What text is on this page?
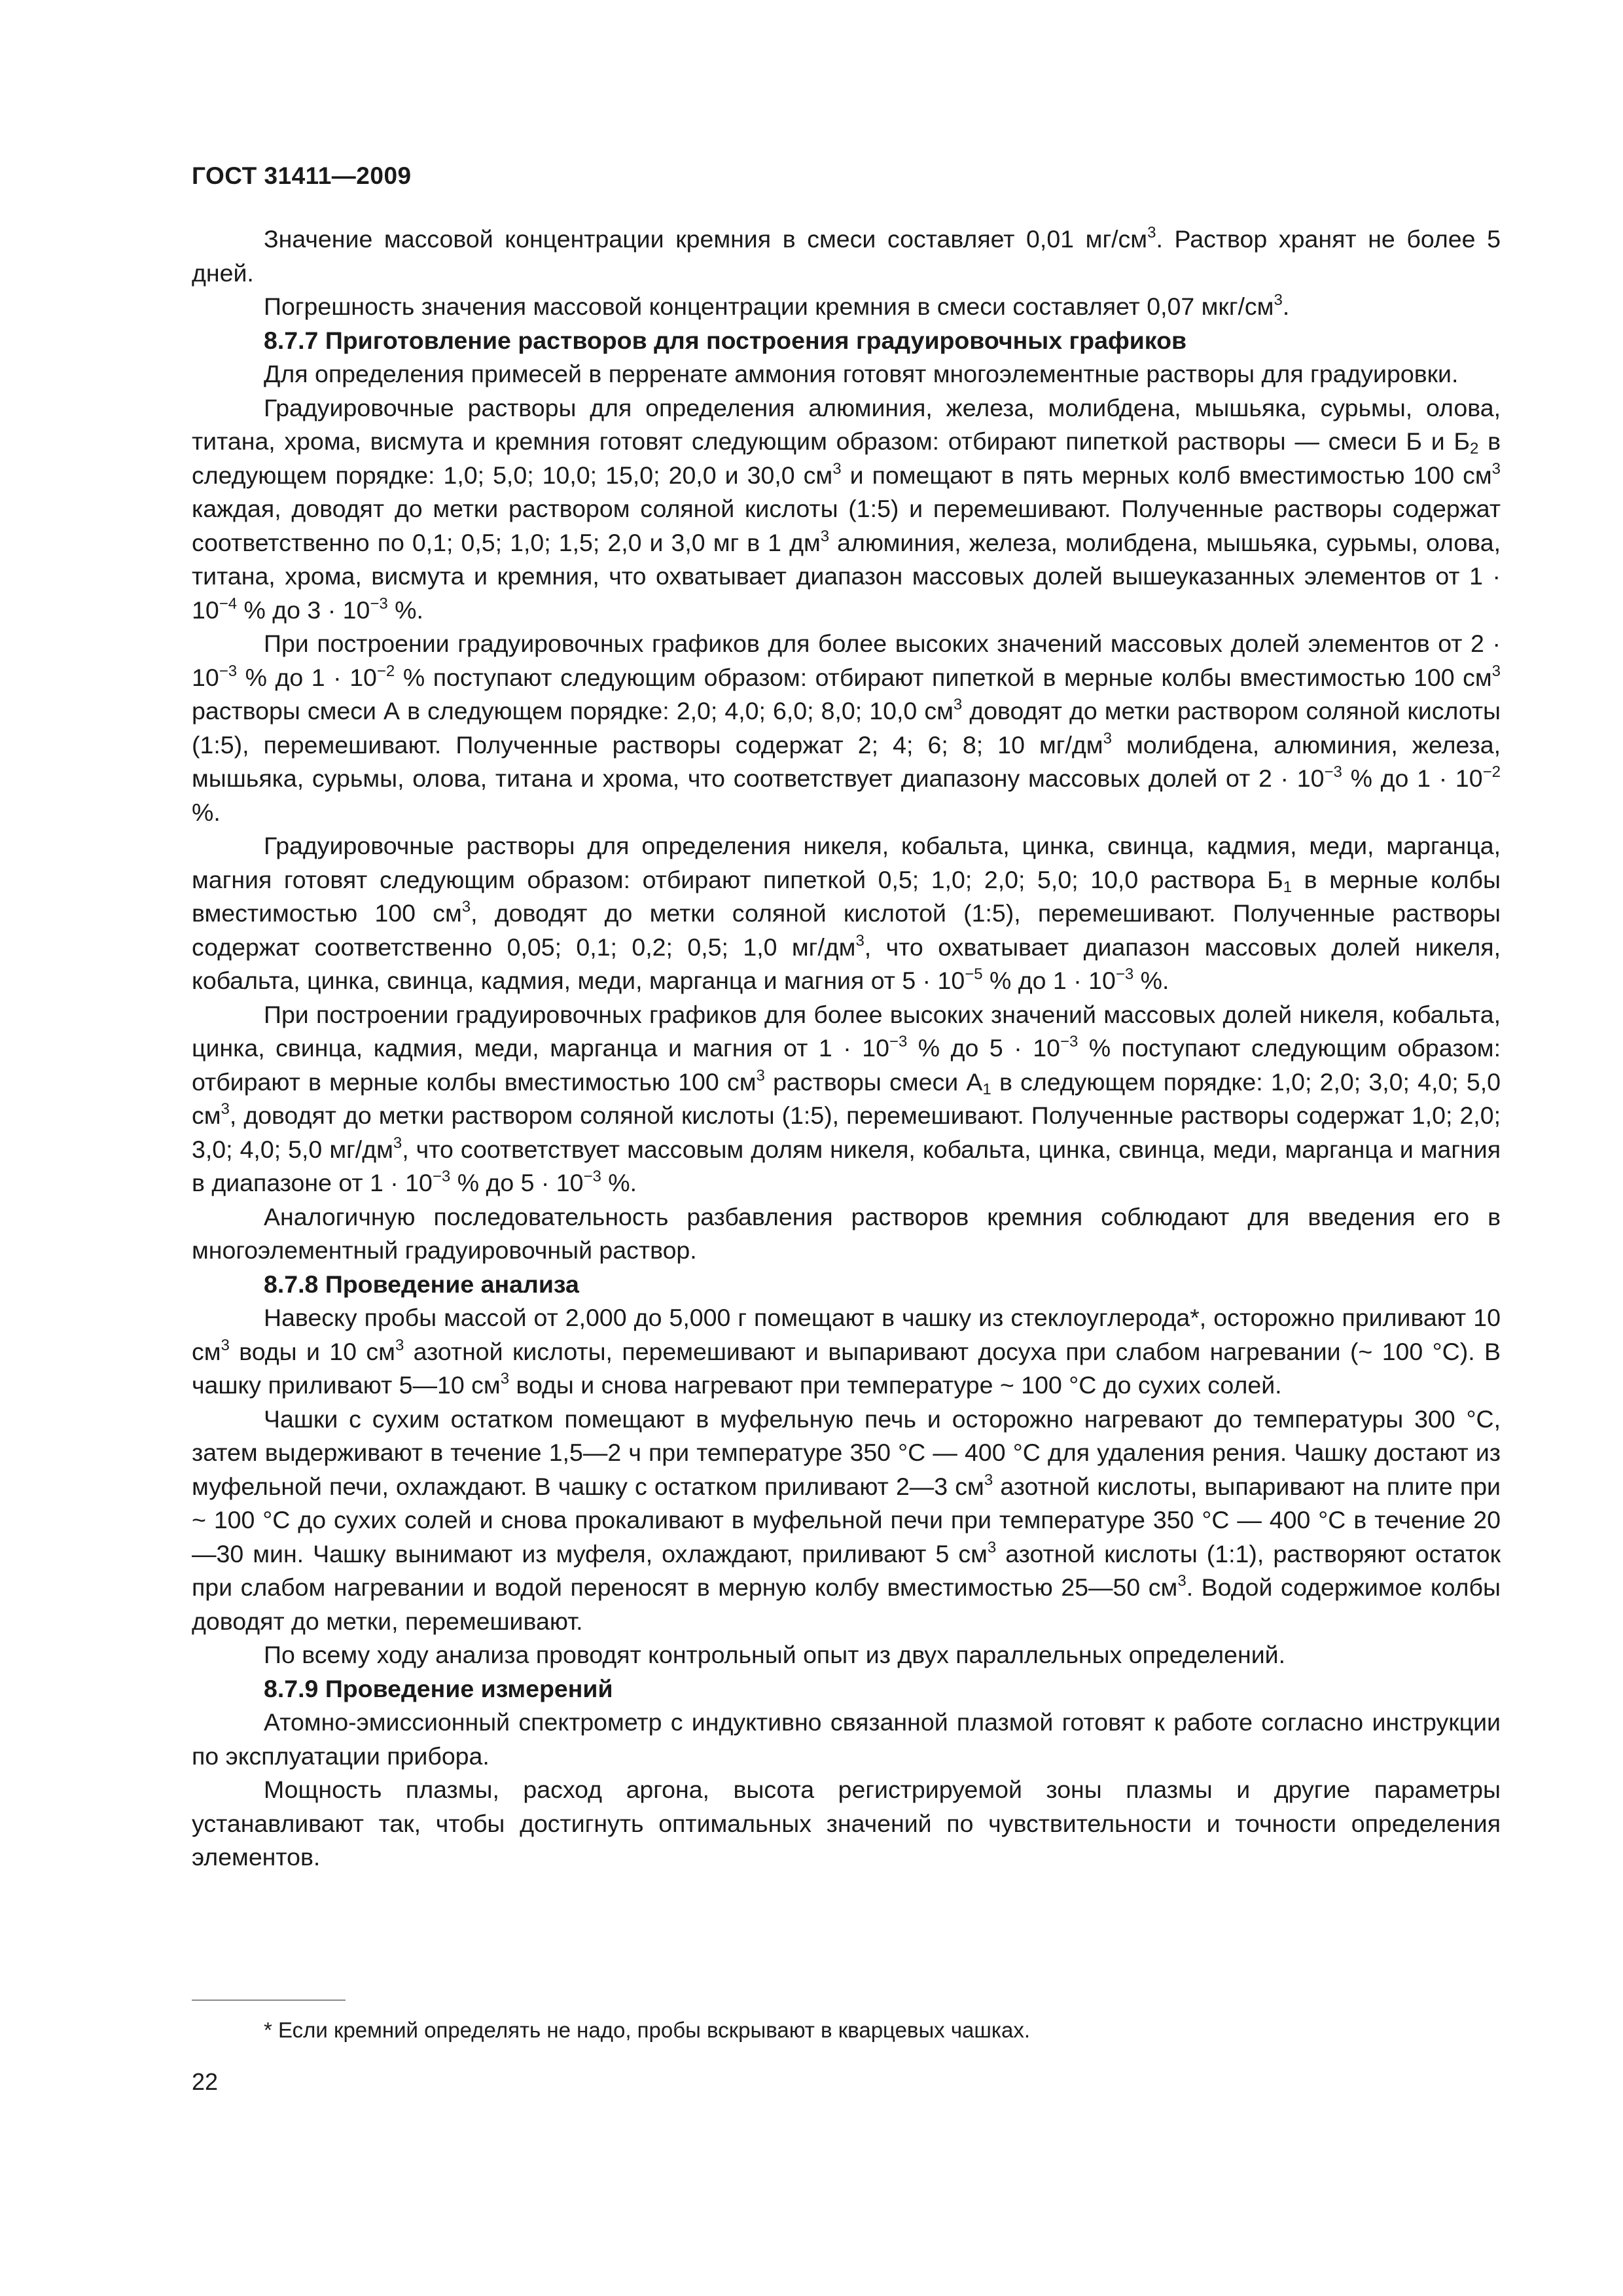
ГОСТ 31411—2009

Значение массовой концентрации кремния в смеси составляет 0,01 $мг/см^3$. Раствор хранят не более 5 дней.

Погрешность значения массовой концентрации кремния в смеси составляет 0,07 мкг/$см^3$.

8.7.7 Приготовление растворов для построения градуировочных графиков

Для определения примесей в перренате аммония готовят многоэлементные растворы для градуировки.

Градуировочные растворы для определения алюминия, железа, молибдена, мышьяка, сурьмы, олова, титана, хрома, висмута и кремния готовят следующим образом: отбирают пипеткой растворы — смеси Б и $Б_2$ в следующем порядке: 1,0; 5,0; 10,0; 15,0; 20,0 и 30,0 $см^3$ и помещают в пять мерных колб вместимостью 100 $см^3$ каждая, доводят до метки раствором соляной кислоты (1:5) и перемешивают. Полученные растворы содержат соответственно по 0,1; 0,5; 1,0; 1,5; 2,0 и 3,0 мг в 1 $дм^3$ алюминия, железа, молибдена, мышьяка, сурьмы, олова, титана, хрома, висмута и кремния, что охватывает диапазон массовых долей вышеуказанных элементов от $1 \cdot 10^{-4}$ % до $3 \cdot 10^{-3}$ %.

При построении градуировочных графиков для более высоких значений массовых долей элементов от $2 \cdot 10^{-3}$ % до $1 \cdot 10^{-2}$ % поступают следующим образом: отбирают пипеткой в мерные колбы вместимостью 100 $см^3$ растворы смеси А в следующем порядке: 2,0; 4,0; 6,0; 8,0; 10,0 $см^3$ доводят до метки раствором соляной кислоты (1:5), перемешивают. Полученные растворы содержат 2; 4; 6; 8; 10 $мг/дм^3$ молибдена, алюминия, железа, мышьяка, сурьмы, олова, титана и хрома, что соответствует диапазону массовых долей от $2 \cdot 10^{-3}$ % до $1 \cdot 10^{-2}$ %.

Градуировочные растворы для определения никеля, кобальта, цинка, свинца, кадмия, меди, марганца, магния готовят следующим образом: отбирают пипеткой 0,5; 1,0; 2,0; 5,0; 10,0 раствора $Б_1$ в мерные колбы вместимостью 100 $см^3$, доводят до метки соляной кислотой (1:5), перемешивают. Полученные растворы содержат соответственно 0,05; 0,1; 0,2; 0,5; 1,0 $мг/дм^3$, что охватывает диапазон массовых долей никеля, кобальта, цинка, свинца, кадмия, меди, марганца и магния от $5 \cdot 10^{-5}$ % до $1 \cdot 10^{-3}$ %.

При построении градуировочных графиков для более высоких значений массовых долей никеля, кобальта, цинка, свинца, кадмия, меди, марганца и магния от $1 \cdot 10^{-3}$ % до $5 \cdot 10^{-3}$ % поступают следующим образом: отбирают в мерные колбы вместимостью 100 $см^3$ растворы смеси $А_1$ в следующем порядке: 1,0; 2,0; 3,0; 4,0; 5,0 $см^3$, доводят до метки раствором соляной кислоты (1:5), перемешивают. Полученные растворы содержат 1,0; 2,0; 3,0; 4,0; 5,0 $мг/дм^3$, что соответствует массовым долям никеля, кобальта, цинка, свинца, меди, марганца и магния в диапазоне от $1 \cdot 10^{-3}$ % до $5 \cdot 10^{-3}$ %.

Аналогичную последовательность разбавления растворов кремния соблюдают для введения его в многоэлементный градуировочный раствор.

8.7.8 Проведение анализа

Навеску пробы массой от 2,000 до 5,000 г помещают в чашку из стеклоуглерода*, осторожно приливают 10 $см^3$ воды и 10 $см^3$ азотной кислоты, перемешивают и выпаривают досуха при слабом нагревании (~ 100 °С). В чашку приливают 5—10 $см^3$ воды и снова нагревают при температуре ~ 100 °С до сухих солей.

Чашки с сухим остатком помещают в муфельную печь и осторожно нагревают до температуры 300 °С, затем выдерживают в течение 1,5—2 ч при температуре 350 °С — 400 °С для удаления рения. Чашку достают из муфельной печи, охлаждают. В чашку с остатком приливают 2—3 $см^3$ азотной кислоты, выпаривают на плите при ~ 100 °С до сухих солей и снова прокаливают в муфельной печи при температуре 350 °С — 400 °С в течение 20—30 мин. Чашку вынимают из муфеля, охлаждают, приливают 5 $см^3$ азотной кислоты (1:1), растворяют остаток при слабом нагревании и водой переносят в мерную колбу вместимостью 25—50 $см^3$. Водой содержимое колбы доводят до метки, перемешивают.

По всему ходу анализа проводят контрольный опыт из двух параллельных определений.

8.7.9 Проведение измерений

Атомно-эмиссионный спектрометр с индуктивно связанной плазмой готовят к работе согласно инструкции по эксплуатации прибора.

Мощность плазмы, расход аргона, высота регистрируемой зоны плазмы и другие параметры устанавливают так, чтобы достигнуть оптимальных значений по чувствительности и точности определения элементов.

* Если кремний определять не надо, пробы вскрывают в кварцевых чашках.
22
